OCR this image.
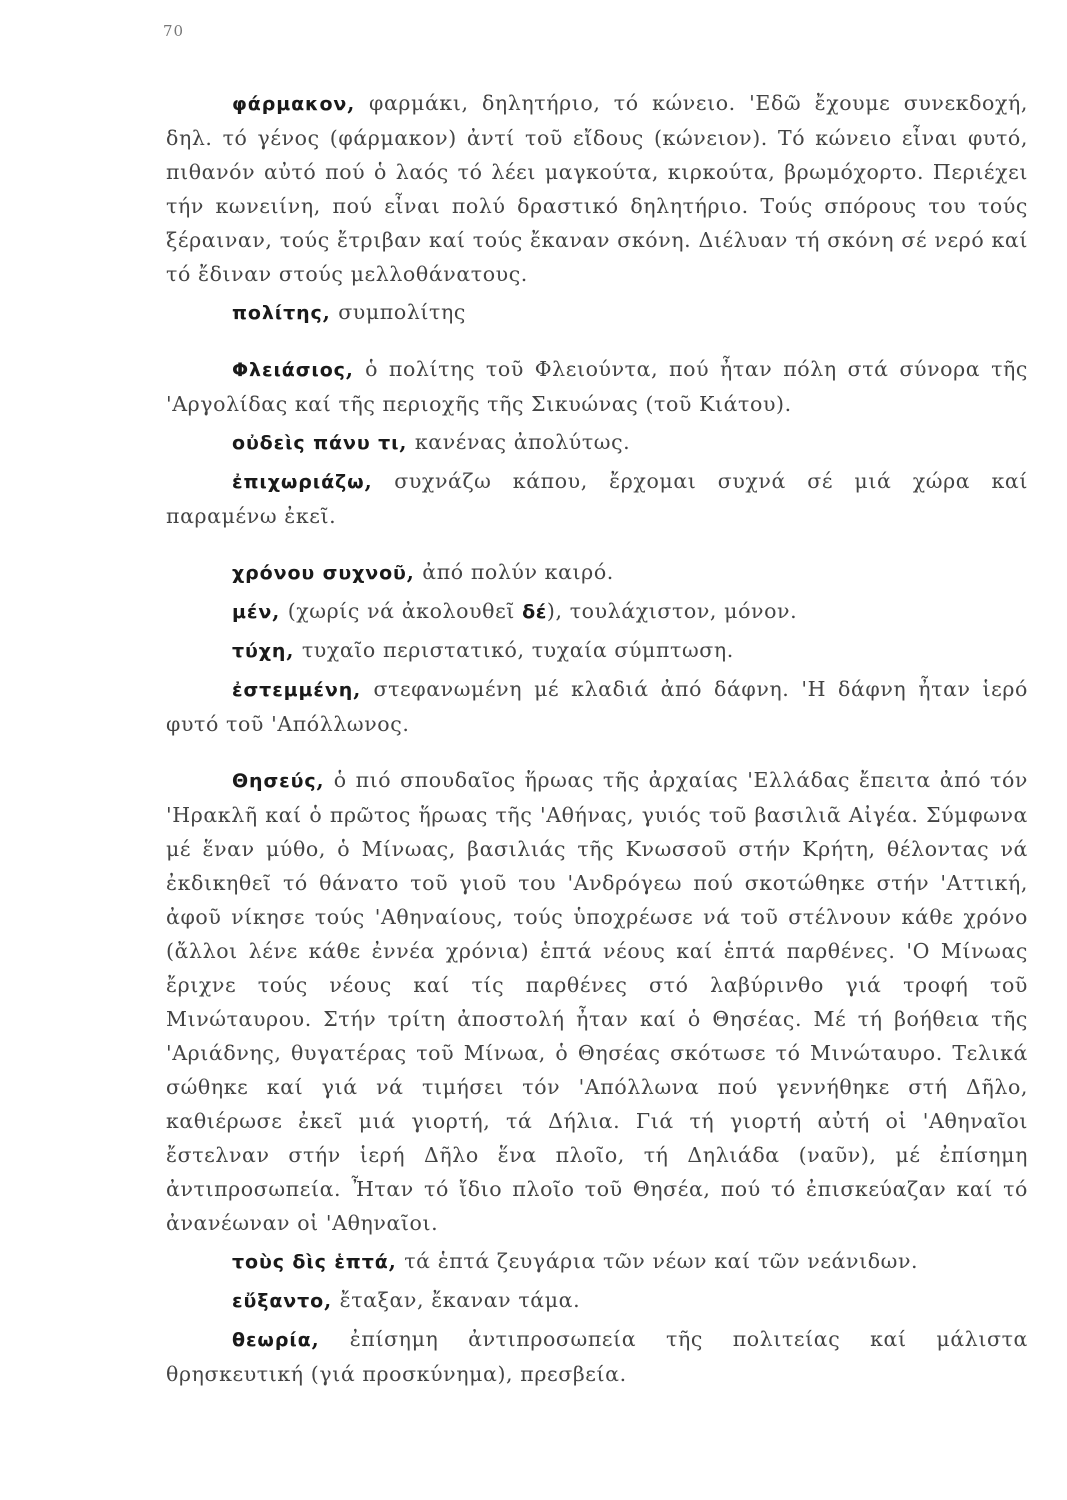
70

φάρμακον, φαρμάκι, δηλητήριο, τό κώνειο. 'Εδῶ ἔχουμε συνεκδοχή, δηλ. τό γένος (φάρμακον) ἀντί τοῦ εἴδους (κώνειον). Τό κώνειο εἶναι φυτό, πιθανόν αὐτό πού ὁ λαός τό λέει μαγκούτα, κιρκούτα, βρωμόχορτο. Περιέχει τήν κωνειίνη, πού εἶναι πολύ δραστικό δηλητήριο. Τούς σπόρους του τούς ξέραιναν, τούς ἔτριβαν καί τούς ἔκαναν σκόνη. Διέλυαν τή σκόνη σέ νερό καί τό ἔδιναν στούς μελλοθάνατους.

πολίτης, συμπολίτης

Φλειάσιος, ὁ πολίτης τοῦ Φλειούντα, πού ἦταν πόλη στά σύνορα τῆς 'Αργολίδας καί τῆς περιοχῆς τῆς Σικυώνας (τοῦ Κιάτου).

οὐδεὶς πάνυ τι, κανένας ἀπολύτως.

ἐπιχωριάζω, συχνάζω κάπου, ἔρχομαι συχνά σέ μιά χώρα καί παραμένω ἐκεῖ.

χρόνου συχνοῦ, ἀπό πολύν καιρό.

μέν, (χωρίς νά ἀκολουθεῖ δέ), τουλάχιστον, μόνον.

τύχη, τυχαῖο περιστατικό, τυχαία σύμπτωση.

ἐστεμμένη, στεφανωμένη μέ κλαδιά ἀπό δάφνη. 'Η δάφνη ἦταν ἱερό φυτό τοῦ 'Απόλλωνος.

Θησεύς, ὁ πιό σπουδαῖος ἥρωας τῆς ἀρχαίας 'Ελλάδας ἔπειτα ἀπό τόν 'Ηρακλῆ καί ὁ πρῶτος ἥρωας τῆς 'Αθήνας, γυιός τοῦ βασιλιᾶ Αἰγέα. Σύμφωνα μέ ἕναν μύθο, ὁ Μίνωας, βασιλιάς τῆς Κνωσσοῦ στήν Κρήτη, θέλοντας νά ἐκδικηθεῖ τό θάνατο τοῦ γιοῦ του 'Ανδρόγεω πού σκοτώθηκε στήν 'Αττική, ἀφοῦ νίκησε τούς 'Αθηναίους, τούς ὑποχρέωσε νά τοῦ στέλνουν κάθε χρόνο (ἄλλοι λένε κάθε ἐννέα χρόνια) ἑπτά νέους καί ἑπτά παρθένες. 'Ο Μίνωας ἔριχνε τούς νέους καί τίς παρθένες στό λαβύρινθο γιά τροφή τοῦ Μινώταυρου. Στήν τρίτη ἀποστολή ἦταν καί ὁ Θησέας. Μέ τή βοήθεια τῆς 'Αριάδνης, θυγατέρας τοῦ Μίνωα, ὁ Θησέας σκότωσε τό Μινώταυρο. Τελικά σώθηκε καί γιά νά τιμήσει τόν 'Απόλλωνα πού γεννήθηκε στή Δῆλο, καθιέρωσε ἐκεῖ μιά γιορτή, τά Δήλια. Γιά τή γιορτή αὐτή οἱ 'Αθηναῖοι ἔστελναν στήν ἱερή Δῆλο ἕνα πλοῖο, τή Δηλιάδα (ναῦν), μέ ἐπίσημη ἀντιπροσωπεία. Ἦταν τό ἴδιο πλοῖο τοῦ Θησέα, πού τό ἐπισκεύαζαν καί τό ἀνανέωναν οἱ 'Αθηναῖοι.

τοὺς δὶς ἑπτά, τά ἑπτά ζευγάρια τῶν νέων καί τῶν νεάνιδων.

εὔξαντο, ἔταξαν, ἔκαναν τάμα.

θεωρία, ἐπίσημη ἀντιπροσωπεία τῆς πολιτείας καί μάλιστα θρησκευτική (γιά προσκύνημα), πρεσβεία.
